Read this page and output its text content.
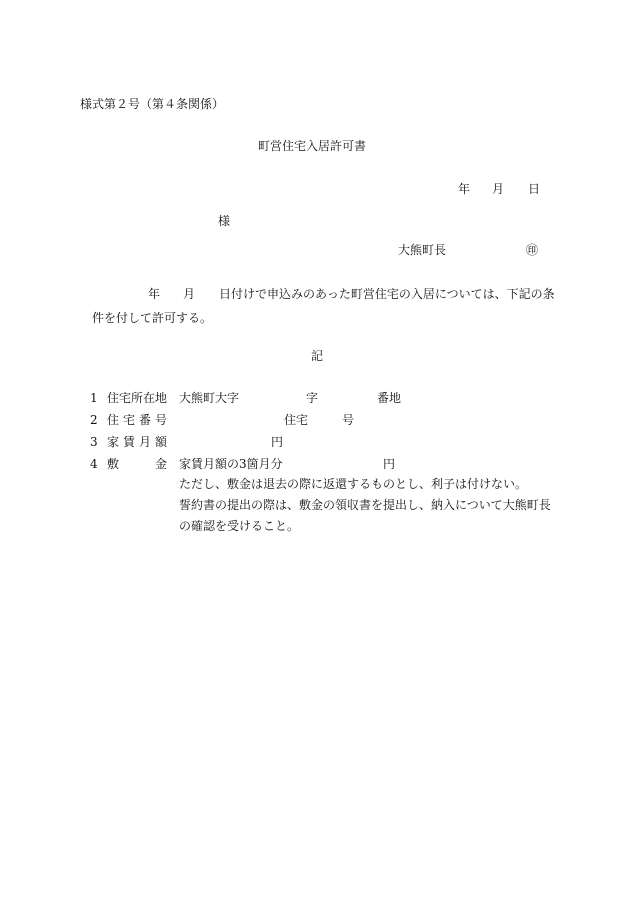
様式第２号（第４条関係）
町営住宅入居許可書
年 月 日
様
大熊町長	㊞
年 月 日付けで申込みのあった町営住宅の入居については、下記の条
件を付して許可する。
記
1 住宅所在地 大熊町大字	字	番地
2 住宅番号	住宅	号
3 家賃月額	円
4 敷	金 家賃月額の3箇月分	円
ただし、敷金は退去の際に返還するものとし、利子は付けない。
誓約書の提出の際は、敷金の領収書を提出し、納入について大熊町長
の確認を受けること。
